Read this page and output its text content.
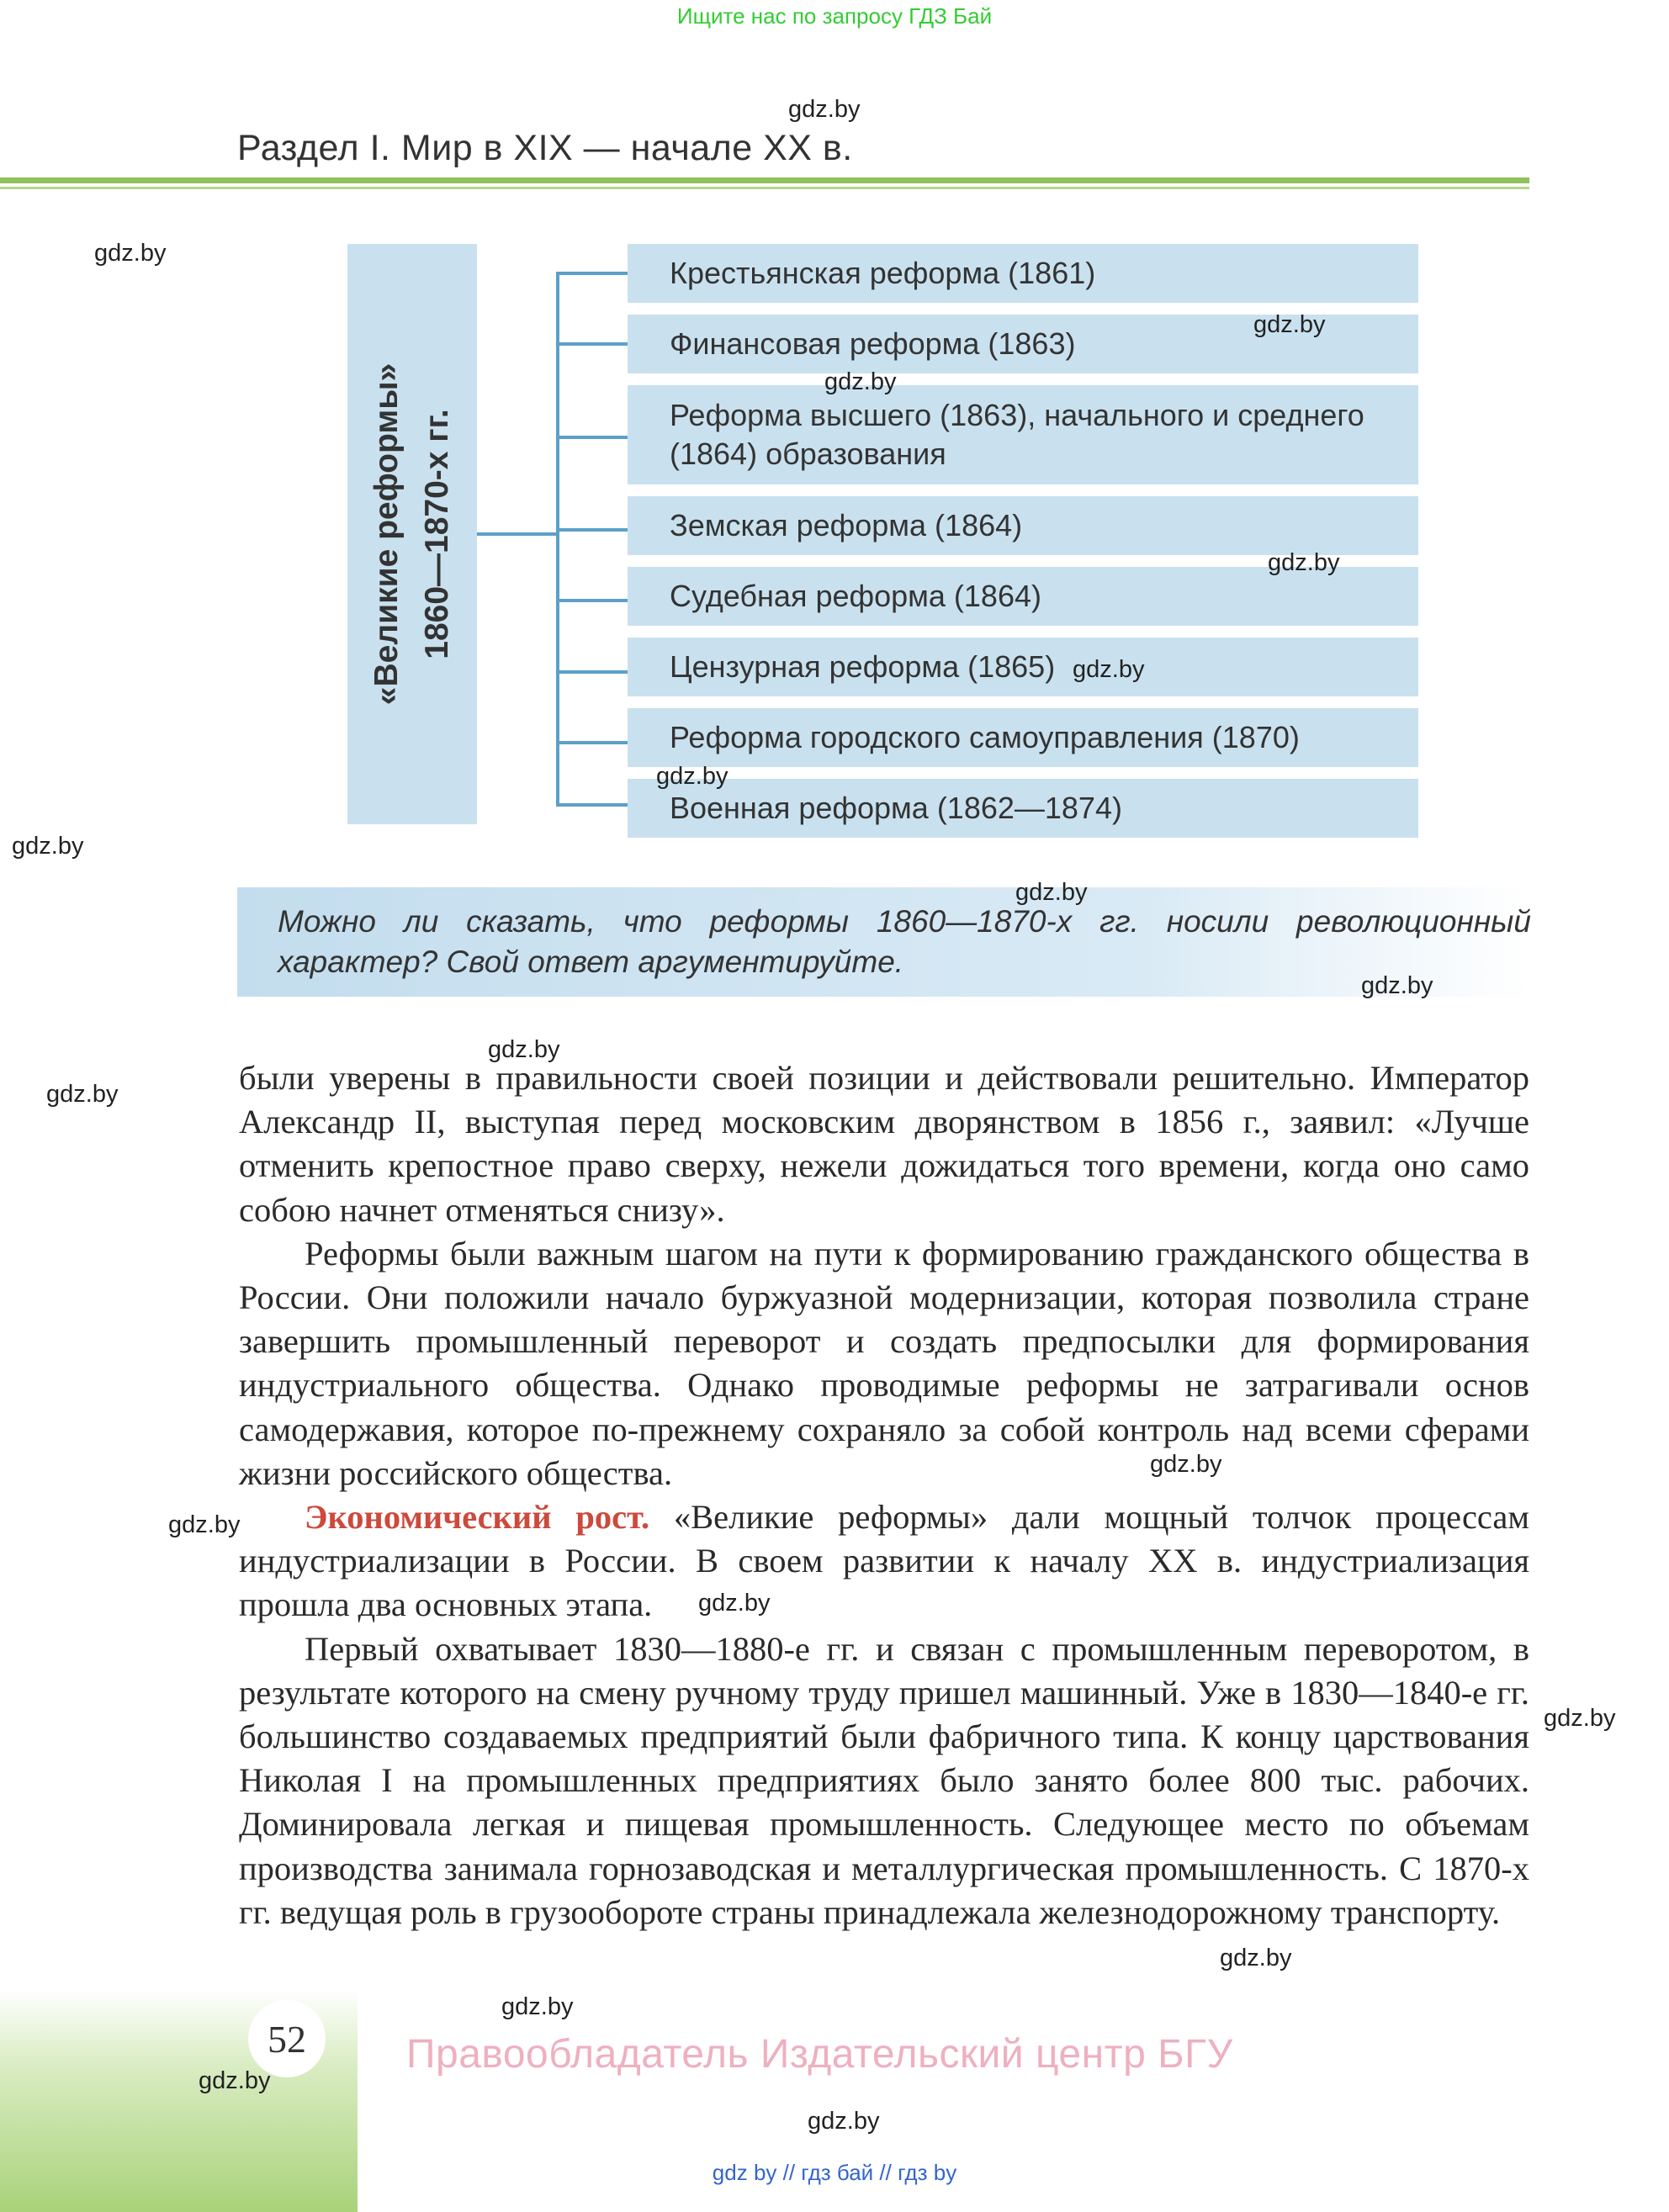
Ищите нас по запросу ГДЗ Бай
Раздел I. Мир в XIX — начале XX в.
«Великие реформы» 1860—1870-х гг.
Крестьянская реформа (1861)
Финансовая реформа (1863)
Реформа высшего (1863), начального и среднего (1864) образования
Земская реформа (1864)
Судебная реформа (1864)
Цензурная реформа (1865)
Реформа городского самоуправления (1870)
Военная реформа (1862—1874)
Можно ли сказать, что реформы 1860—1870-х гг. носили революционный характер? Свой ответ аргументируйте.

были уверены в правильности своей позиции и действовали решительно. Император Александр II, выступая перед московским дворянством в 1856 г., заявил: «Лучше отменить крепостное право сверху, нежели дожидаться того времени, когда оно само собою начнет отменяться снизу».

Реформы были важным шагом на пути к формированию гражданского общества в России. Они положили начало буржуазной модернизации, которая позволила стране завершить промышленный переворот и создать предпосылки для формирования индустриального общества. Однако проводимые реформы не затрагивали основ самодержавия, которое по-прежнему сохраняло за собой контроль над всеми сферами жизни российского общества.

Экономический рост. «Великие реформы» дали мощный толчок процессам индустриализации в России. В своем развитии к началу XX в. индустриализация прошла два основных этапа.

Первый охватывает 1830—1880-е гг. и связан с промышленным переворотом, в результате которого на смену ручному труду пришел машинный. Уже в 1830—1840-е гг. большинство создаваемых предприятий были фабричного типа. К концу царствования Николая I на промышленных предприятиях было занято более 800 тыс. рабочих. Доминировала легкая и пищевая промышленность. Следующее место по объемам производства занимала горнозаводская и металлургическая промышленность. С 1870-х гг. ведущая роль в грузообороте страны принадлежала железнодорожному транспорту.

52	Правообладатель Издательский центр БГУ
gdz by // гдз бай // гдз by
gdz.by
gdz.by
gdz.by
gdz.by
gdz.by
gdz.by
gdz.by
gdz.by
gdz.by
gdz.by
gdz.by
gdz.by
gdz.by
gdz.by
gdz.by
gdz.by
gdz.by
gdz.by
gdz.by
gdz.by
